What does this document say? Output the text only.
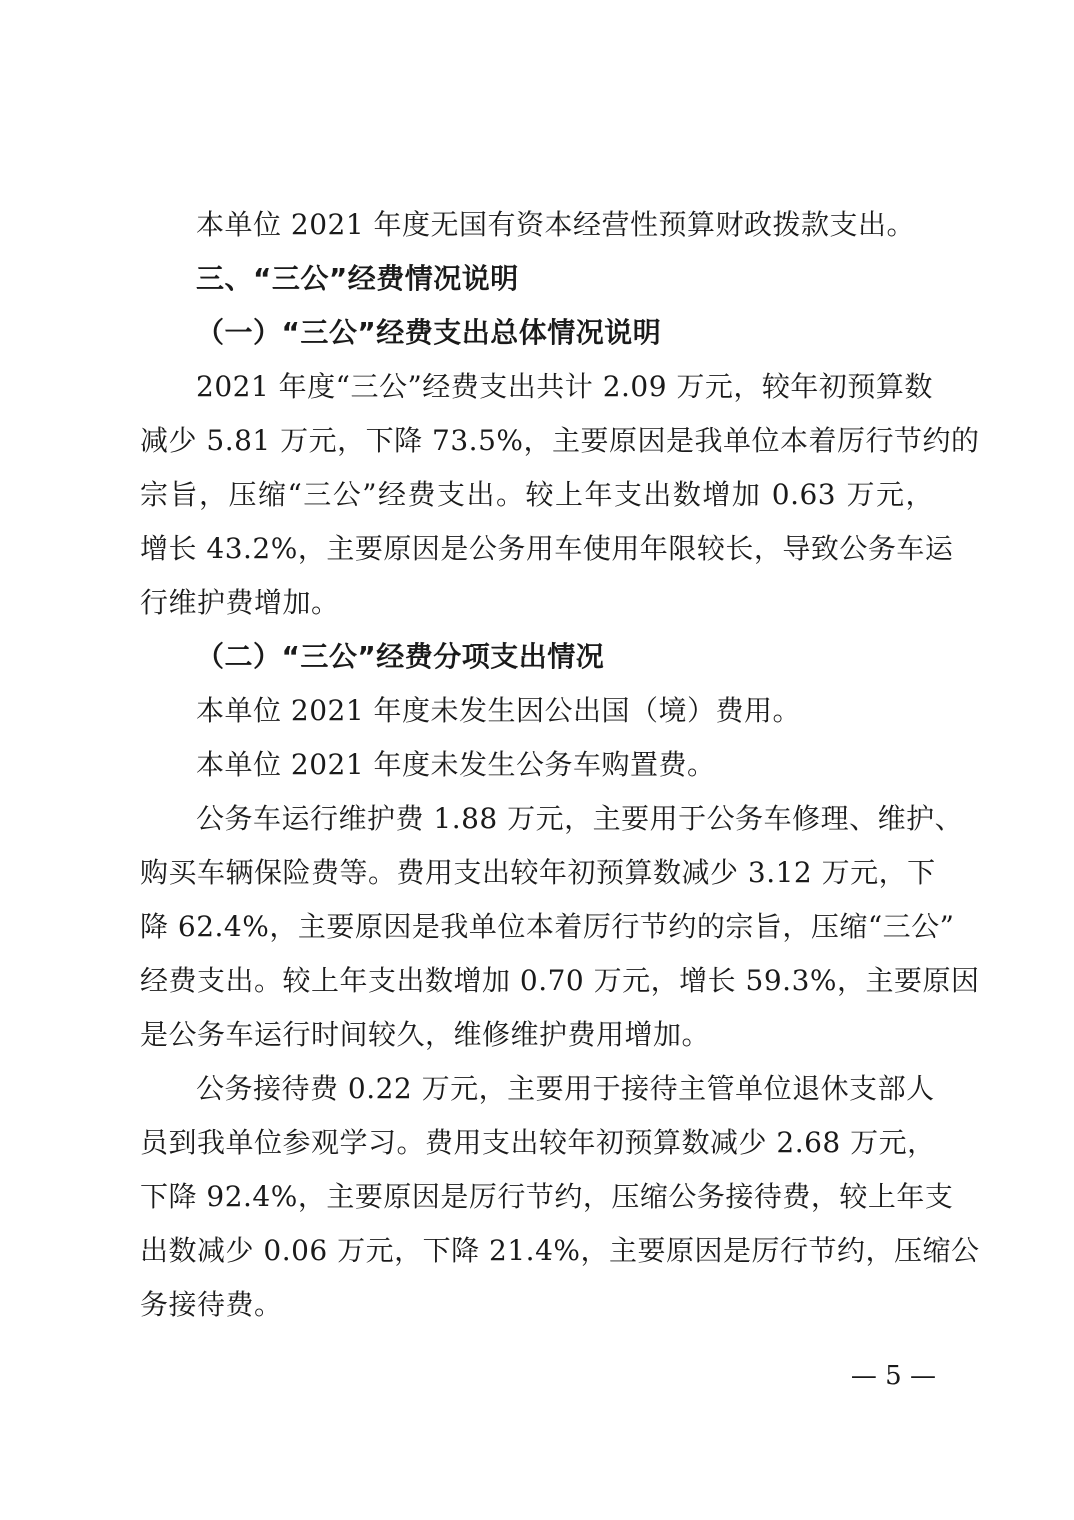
本单位 2021 年度无国有资本经营性预算财政拨款支出。
三、“三公”经费情况说明
（一）“三公”经费支出总体情况说明
2021 年度“三公”经费支出共计 2.09 万元，较年初预算数
减少 5.81 万元，下降 73.5%，主要原因是我单位本着厉行节约的
宗旨，压缩“三公”经费支出。较上年支出数增加 0.63 万元，
增长 43.2%，主要原因是公务用车使用年限较长，导致公务车运
行维护费增加。
（二）“三公”经费分项支出情况
本单位 2021 年度未发生因公出国（境）费用。
本单位 2021 年度未发生公务车购置费。
公务车运行维护费 1.88 万元，主要用于公务车修理、维护、
购买车辆保险费等。费用支出较年初预算数减少 3.12 万元，下
降 62.4%，主要原因是我单位本着厉行节约的宗旨，压缩“三公”
经费支出。较上年支出数增加 0.70 万元，增长 59.3%，主要原因
是公务车运行时间较久，维修维护费用增加。
公务接待费 0.22 万元，主要用于接待主管单位退休支部人
员到我单位参观学习。费用支出较年初预算数减少 2.68 万元，
下降 92.4%，主要原因是厉行节约，压缩公务接待费，较上年支
出数减少 0.06 万元，下降 21.4%，主要原因是厉行节约，压缩公
务接待费。
— 5 —
